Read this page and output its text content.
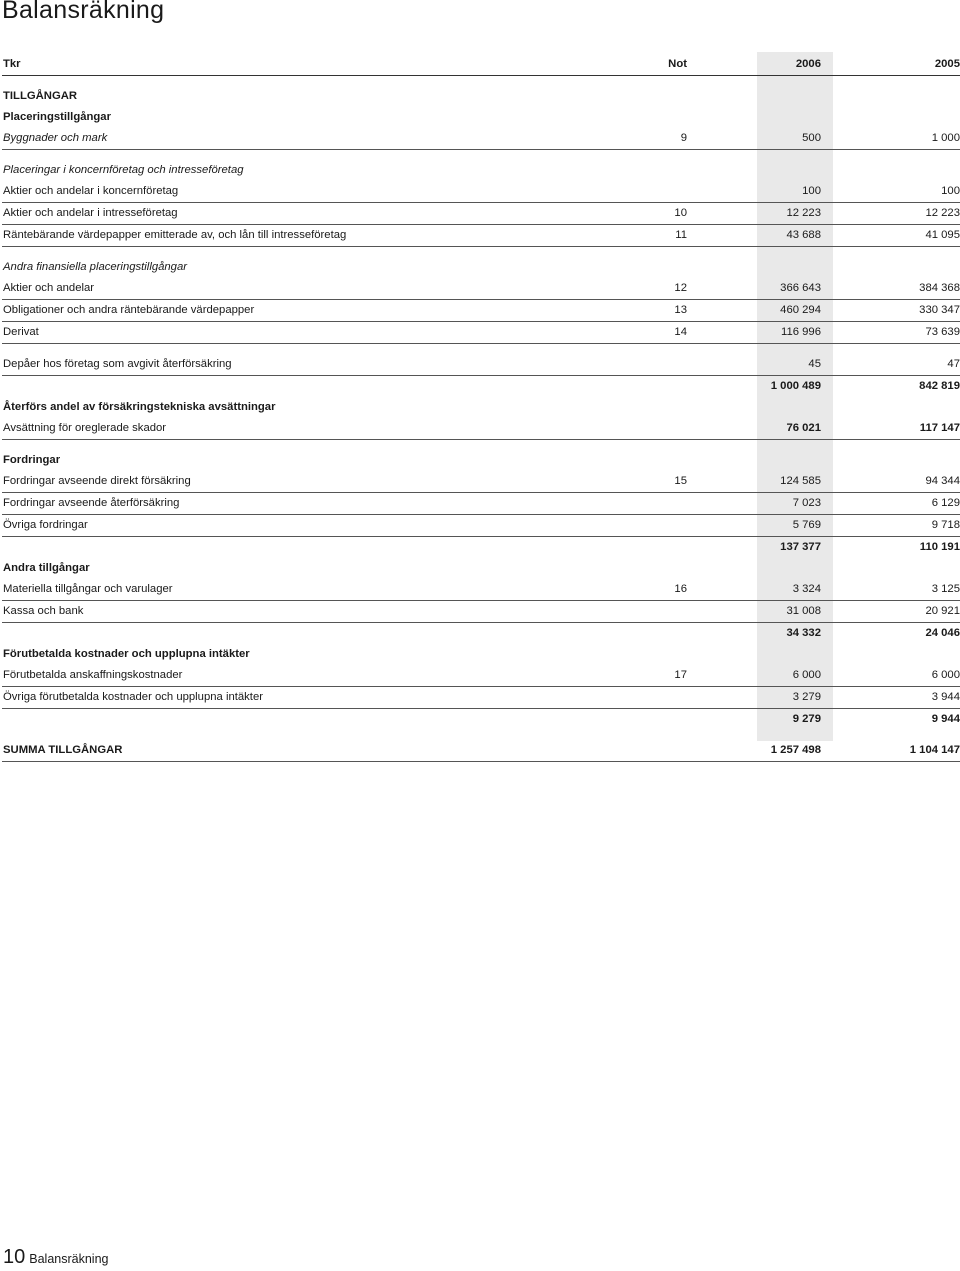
Balansräkning
Tkr	Not	2006	2005

TILLGÅNGAR			
Placeringstillgångar			
Byggnader och mark	9	500	1 000

Placeringar i koncernföretag och intresseföretag			
Aktier och andelar i koncernföretag		100	100
Aktier och andelar i intresseföretag	10	12 223	12 223
Räntebärande värdepapper emitterade av, och lån till intresseföretag	11	43 688	41 095

Andra finansiella placeringstillgångar			
Aktier och andelar	12	366 643	384 368
Obligationer och andra räntebärande värdepapper	13	460 294	330 347
Derivat	14	116 996	73 639

Depåer hos företag som avgivit återförsäkring		45	47
		1 000 489	842 819
Återförs andel av försäkringstekniska avsättningar			
Avsättning för oreglerade skador		76 021	117 147

Fordringar			
Fordringar avseende direkt försäkring	15	124 585	94 344
Fordringar avseende återförsäkring		7 023	6 129
Övriga fordringar		5 769	9 718
		137 377	110 191
Andra tillgångar			
Materiella tillgångar och varulager	16	3 324	3 125
Kassa och bank		31 008	20 921
		34 332	24 046
Förutbetalda kostnader och upplupna intäkter			
Förutbetalda anskaffningskostnader	17	6 000	6 000
Övriga förutbetalda kostnader och upplupna intäkter		3 279	3 944
		9 279	9 944

SUMMA TILLGÅNGAR		1 257 498	1 104 147
10 Balansräkning
